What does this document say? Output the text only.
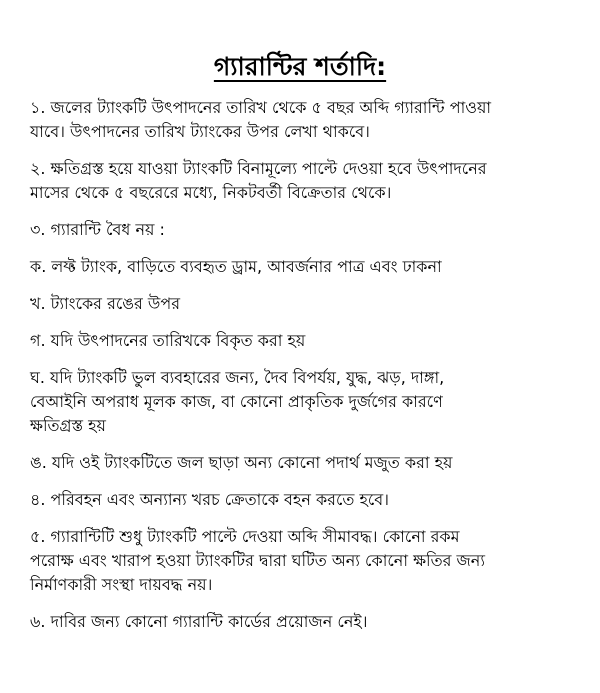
গ্যারান্টির শর্তাদি:

১. জলের ট্যাংকটি উৎপাদনের তারিখ থেকে ৫ বছর অব্দি গ্যারান্টি পাওয়া
যাবে। উৎপাদনের তারিখ ট্যাংকের উপর লেখা থাকবে।

২. ক্ষতিগ্রস্ত হয়ে যাওয়া ট্যাংকটি বিনামূল্যে পাল্টে দেওয়া হবে উৎপাদনের
মাসের থেকে ৫ বছরেরে মধ্যে, নিকটবর্তী বিক্রেতার থেকে।

৩. গ্যারান্টি বৈধ নয় :

ক. লফ্ট ট্যাংক, বাড়িতে ব্যবহৃত ড্রাম, আবর্জনার পাত্র এবং ঢাকনা

খ. ট্যাংকের রঙের উপর

গ. যদি উৎপাদনের তারিখকে বিকৃত করা হয়

ঘ. যদি ট্যাংকটি ভুল ব্যবহারের জন্য, দৈব বিপর্যয়, যুদ্ধ, ঝড়, দাঙ্গা,
বেআইনি অপরাধ মূলক কাজ, বা কোনো প্রাকৃতিক দুর্জগের কারণে
ক্ষতিগ্রস্ত হয়

ঙ. যদি ওই ট্যাংকটিতে জল ছাড়া অন্য কোনো পদার্থ মজুত করা হয়

৪. পরিবহন এবং অন্যান্য খরচ ক্রেতাকে বহন করতে হবে।

৫. গ্যারান্টিটি শুধু ট্যাংকটি পাল্টে দেওয়া অব্দি সীমাবদ্ধ। কোনো রকম
পরোক্ষ এবং খারাপ হওয়া ট্যাংকটির দ্বারা ঘটিত অন্য কোনো ক্ষতির জন্য
নির্মাণকারী সংস্থা দায়বদ্ধ নয়।

৬. দাবির জন্য কোনো গ্যারান্টি কার্ডের প্রয়োজন নেই।
